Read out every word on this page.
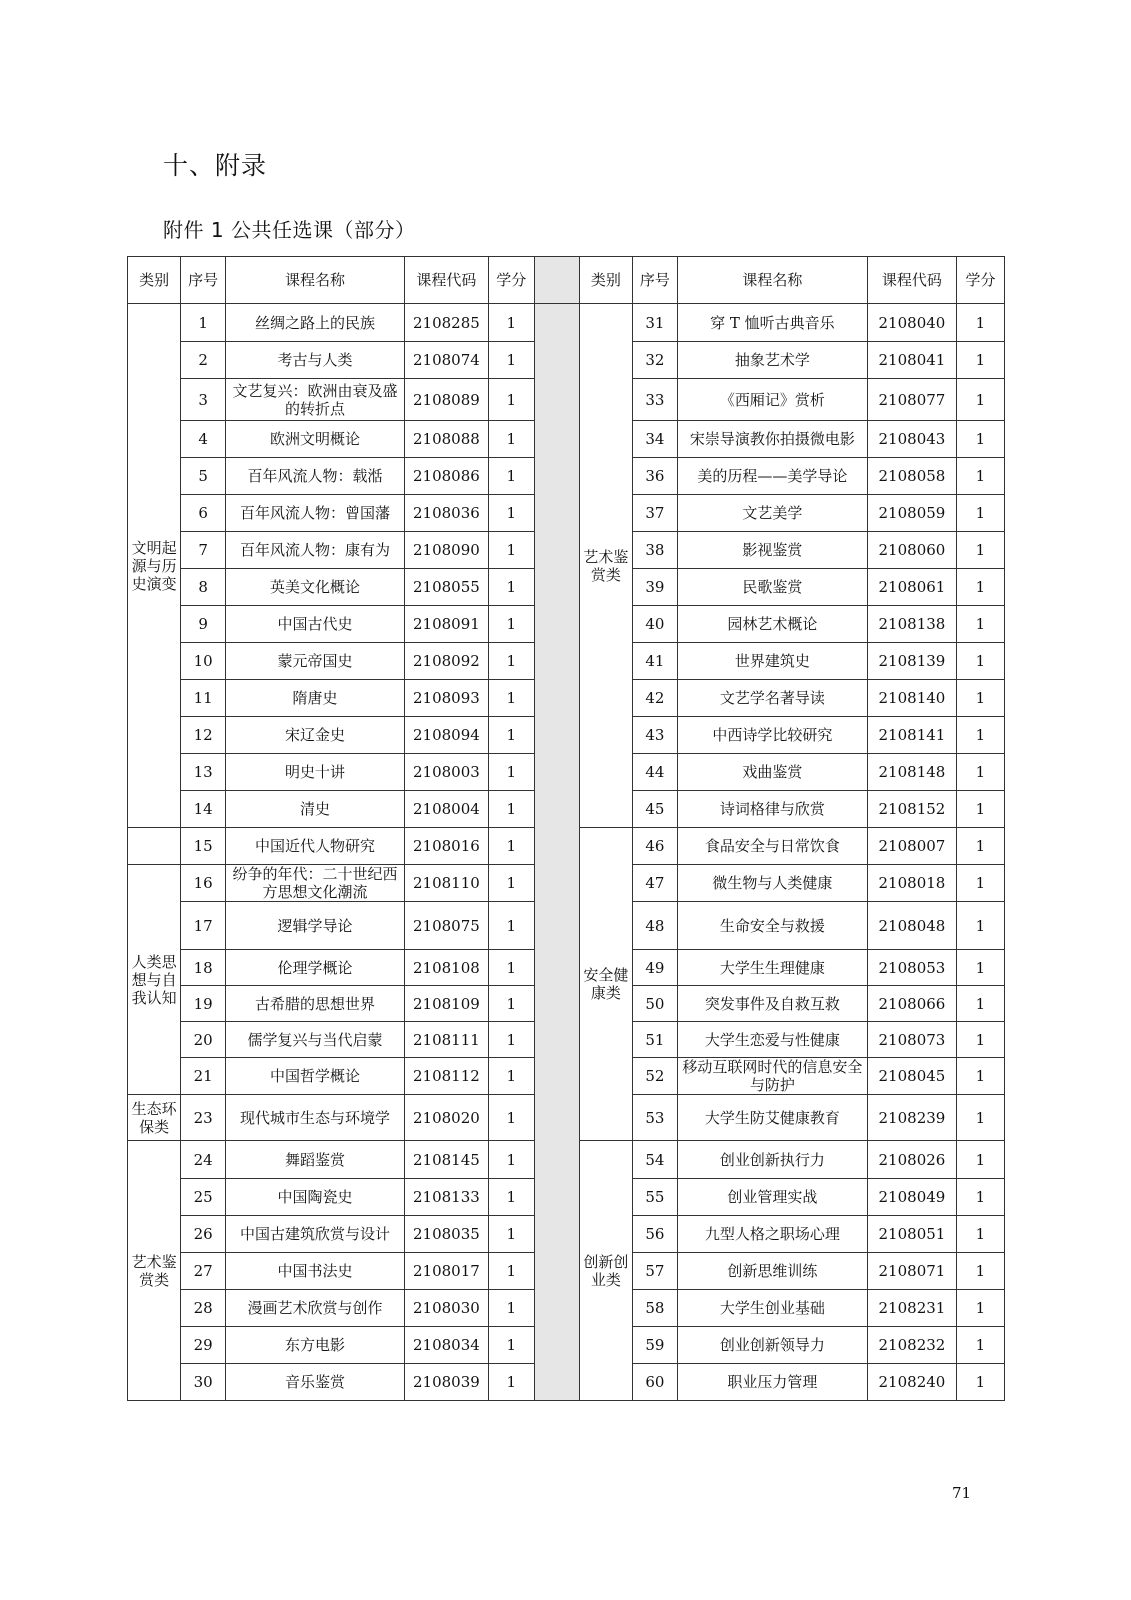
十、附录
附件 1 公共任选课（部分）
类别	序号	课程名称	课程代码	学分		类别	序号	课程名称	课程代码	学分
文明起源与历史演变	1	丝绸之路上的民族	2108285	1		艺术鉴赏类	31	穿 T 恤听古典音乐	2108040	1
	2	考古与人类	2108074	1			32	抽象艺术学	2108041	1
	3	文艺复兴：欧洲由衰及盛的转折点	2108089	1			33	《西厢记》赏析	2108077	1
	4	欧洲文明概论	2108088	1			34	宋崇导演教你拍摄微电影	2108043	1
	5	百年风流人物：载湉	2108086	1			36	美的历程——美学导论	2108058	1
	6	百年风流人物：曾国藩	2108036	1			37	文艺美学	2108059	1
	7	百年风流人物：康有为	2108090	1			38	影视鉴赏	2108060	1
	8	英美文化概论	2108055	1			39	民歌鉴赏	2108061	1
	9	中国古代史	2108091	1			40	园林艺术概论	2108138	1
	10	蒙元帝国史	2108092	1			41	世界建筑史	2108139	1
	11	隋唐史	2108093	1			42	文艺学名著导读	2108140	1
	12	宋辽金史	2108094	1			43	中西诗学比较研究	2108141	1
	13	明史十讲	2108003	1			44	戏曲鉴赏	2108148	1
	14	清史	2108004	1			45	诗词格律与欣赏	2108152	1
	15	中国近代人物研究	2108016	1		安全健康类	46	食品安全与日常饮食	2108007	1
人类思想与自我认知	16	纷争的年代：二十世纪西方思想文化潮流	2108110	1			47	微生物与人类健康	2108018	1
	17	逻辑学导论	2108075	1			48	生命安全与救援	2108048	1
	18	伦理学概论	2108108	1			49	大学生生理健康	2108053	1
	19	古希腊的思想世界	2108109	1			50	突发事件及自救互救	2108066	1
	20	儒学复兴与当代启蒙	2108111	1			51	大学生恋爱与性健康	2108073	1
	21	中国哲学概论	2108112	1			52	移动互联网时代的信息安全与防护	2108045	1
生态环保类	23	现代城市生态与环境学	2108020	1			53	大学生防艾健康教育	2108239	1
艺术鉴赏类	24	舞蹈鉴赏	2108145	1		创新创业类	54	创业创新执行力	2108026	1
	25	中国陶瓷史	2108133	1			55	创业管理实战	2108049	1
	26	中国古建筑欣赏与设计	2108035	1			56	九型人格之职场心理	2108051	1
	27	中国书法史	2108017	1			57	创新思维训练	2108071	1
	28	漫画艺术欣赏与创作	2108030	1			58	大学生创业基础	2108231	1
	29	东方电影	2108034	1			59	创业创新领导力	2108232	1
	30	音乐鉴赏	2108039	1			60	职业压力管理	2108240	1
71
